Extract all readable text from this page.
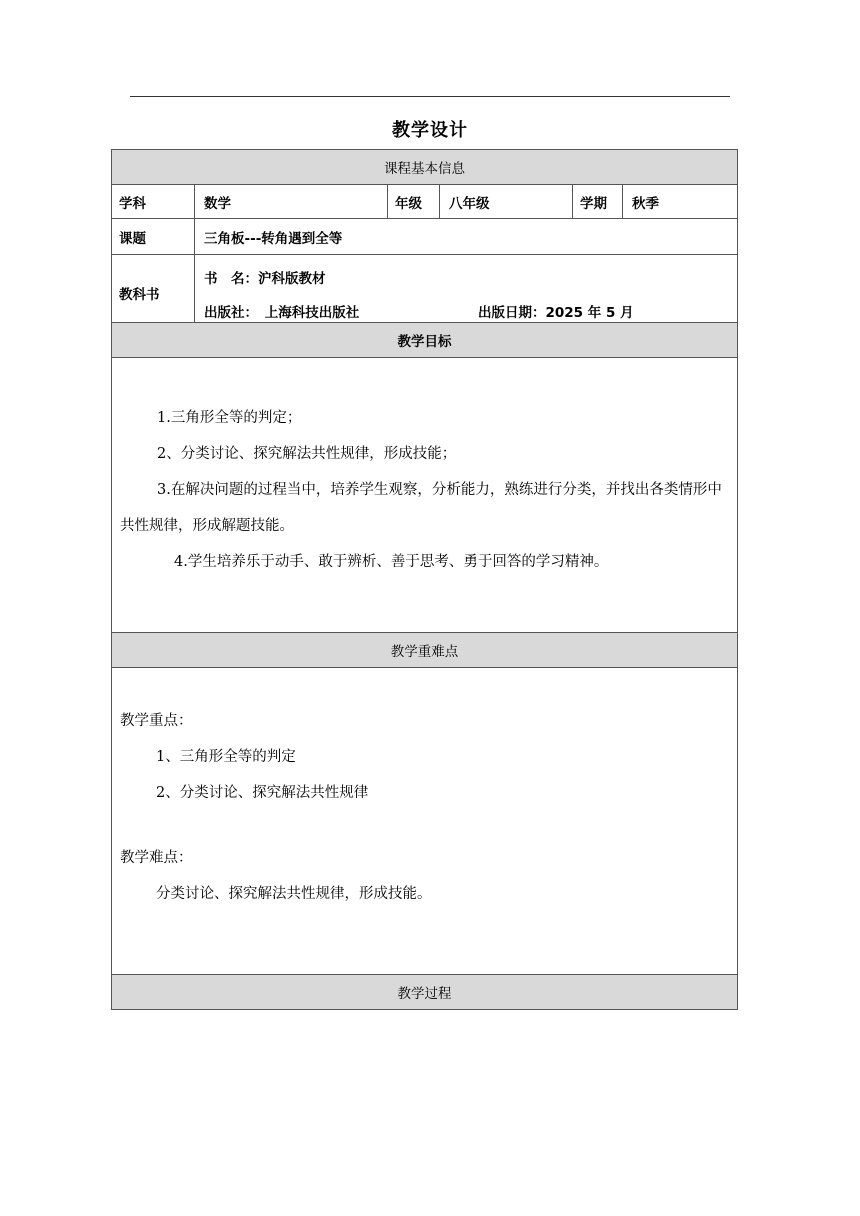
教学设计
课程基本信息					
学科	数学	年级	八年级	学期	秋季
课题	三角板---转角遇到全等				

教科书	书　名：沪科版教材
出版社：　上海科技出版社 出版日期：2025 年 5 月				

教学目标					

1.三角形全等的判定；

2、分类讨论、探究解法共性规律，形成技能；

3.在解决问题的过程当中，培养学生观察，分析能力，熟练进行分类，并找出各类情形中共性规律，形成解题技能。

4.学生培养乐于动手、敢于辨析、善于思考、勇于回答的学习精神。					

教学重难点					

教学重点：

1、三角形全等的判定

2、分类讨论、探究解法共性规律

教学难点：

分类讨论、探究解法共性规律，形成技能。					

教学过程					
